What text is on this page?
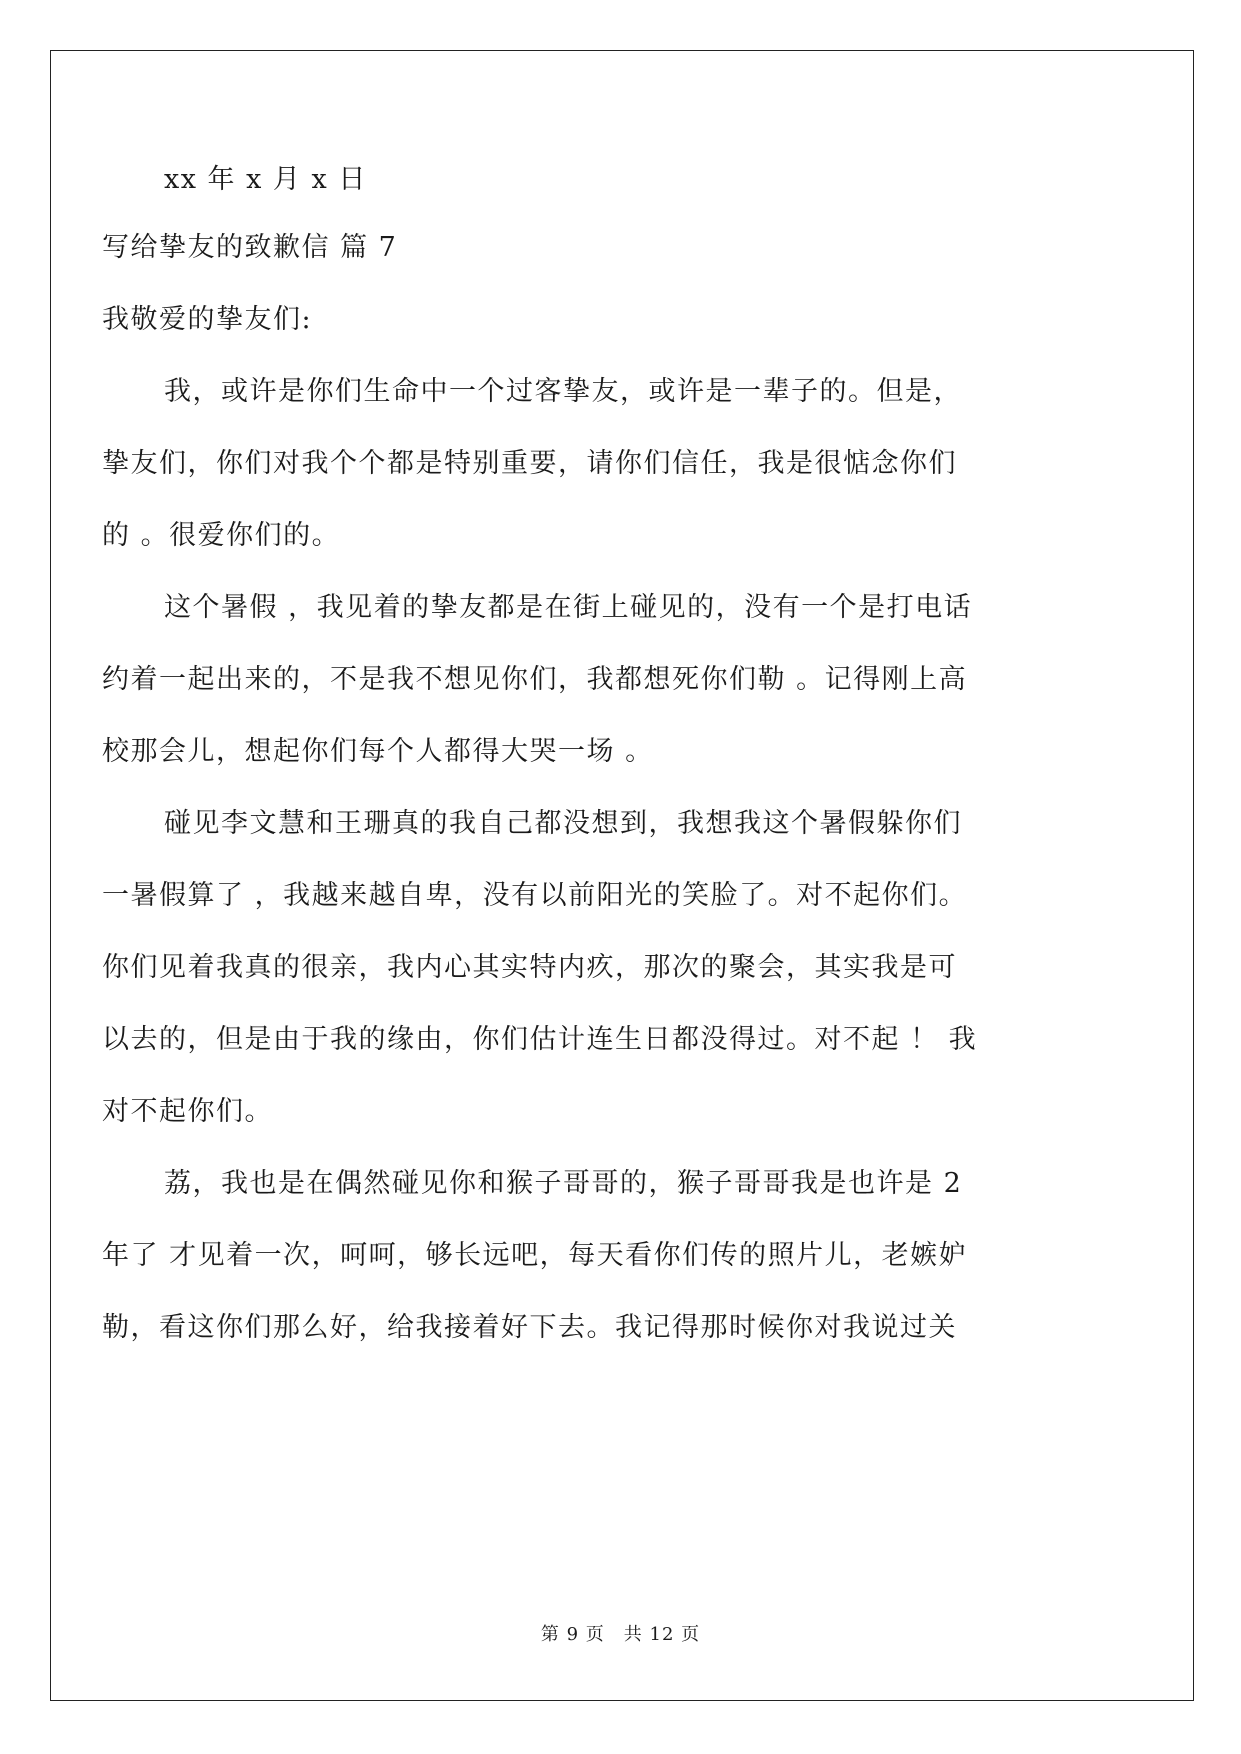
xx 年 x 月 x 日
写给挚友的致歉信 篇 7
我敬爱的挚友们:
我，或许是你们生命中一个过客挚友，或许是一辈子的。但是，
挚友们，你们对我个个都是特别重要，请你们信任，我是很惦念你们
的 。很爱你们的。
这个暑假 ，我见着的挚友都是在街上碰见的，没有一个是打电话
约着一起出来的，不是我不想见你们，我都想死你们勒 。记得刚上高
校那会儿，想起你们每个人都得大哭一场 。
碰见李文慧和王珊真的我自己都没想到，我想我这个暑假躲你们
一暑假算了 ，我越来越自卑，没有以前阳光的笑脸了。对不起你们。
你们见着我真的很亲，我内心其实特内疚，那次的聚会，其实我是可
以去的，但是由于我的缘由，你们估计连生日都没得过。对不起 ！ 我
对不起你们。
荔，我也是在偶然碰见你和猴子哥哥的，猴子哥哥我是也许是 2
年了 才见着一次，呵呵，够长远吧，每天看你们传的照片儿，老嫉妒
勒，看这你们那么好，给我接着好下去。我记得那时候你对我说过关
第 9 页　共 12 页
